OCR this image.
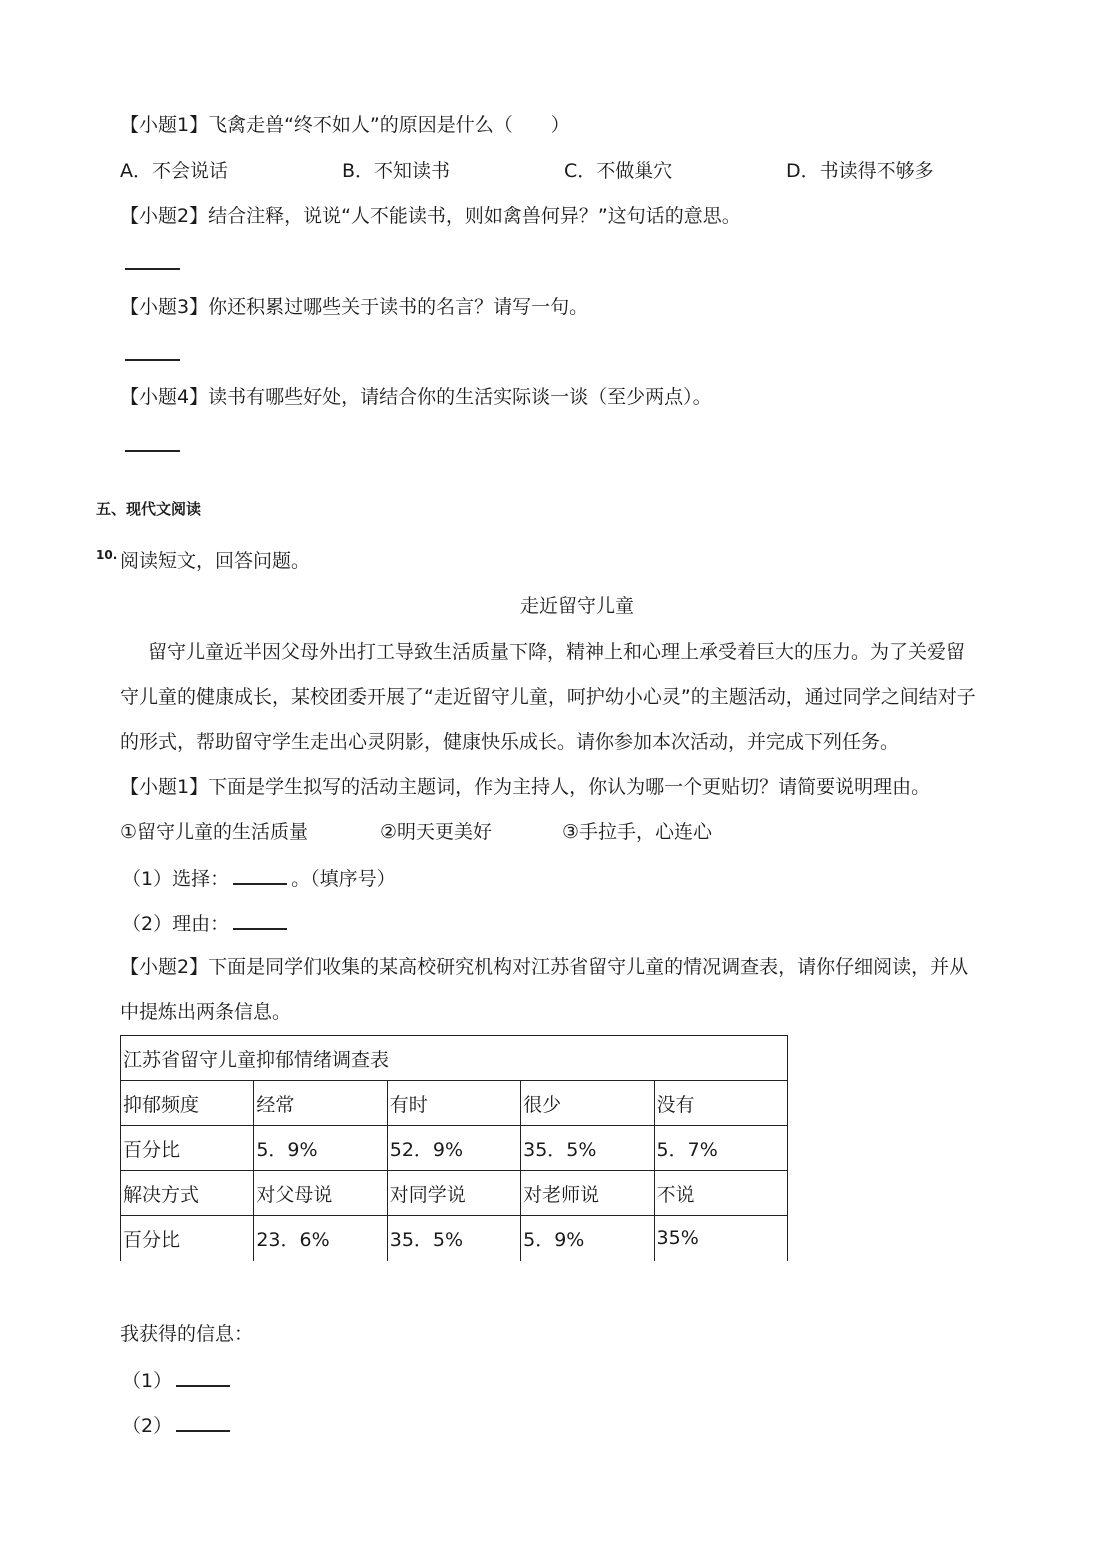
【小题1】飞禽走兽“终不如人”的原因是什么（　　）
A．不会说话	B．不知读书	C．不做巢穴	D．书读得不够多
【小题2】结合注释，说说“人不能读书，则如禽兽何异？”这句话的意思。
【小题3】你还积累过哪些关于读书的名言？请写一句。
【小题4】读书有哪些好处，请结合你的生活实际谈一谈（至少两点）。
五、现代文阅读
10. 阅读短文，回答问题。
走近留守儿童
留守儿童近半因父母外出打工导致生活质量下降，精神上和心理上承受着巨大的压力。为了关爱留
守儿童的健康成长，某校团委开展了“走近留守儿童，呵护幼小心灵”的主题活动，通过同学之间结对子
的形式，帮助留守学生走出心灵阴影，健康快乐成长。请你参加本次活动，并完成下列任务。
【小题1】下面是学生拟写的活动主题词，作为主持人，你认为哪一个更贴切？请简要说明理由。
①留守儿童的生活质量	②明天更美好	③手拉手，心连心
（1）选择：	。（填序号）
（2）理由：
【小题2】下面是同学们收集的某高校研究机构对江苏省留守儿童的情况调查表，请你仔细阅读，并从
中提炼出两条信息。
江苏省留守儿童抑郁情绪调查表				
抑郁频度	经常	有时	很少	没有
百分比	5．9%	52．9%	35．5%	5．7%
解决方式	对父母说	对同学说	对老师说	不说
百分比	23．6%	35．5%	5．9%	35%
我获得的信息：
（1）
（2）
